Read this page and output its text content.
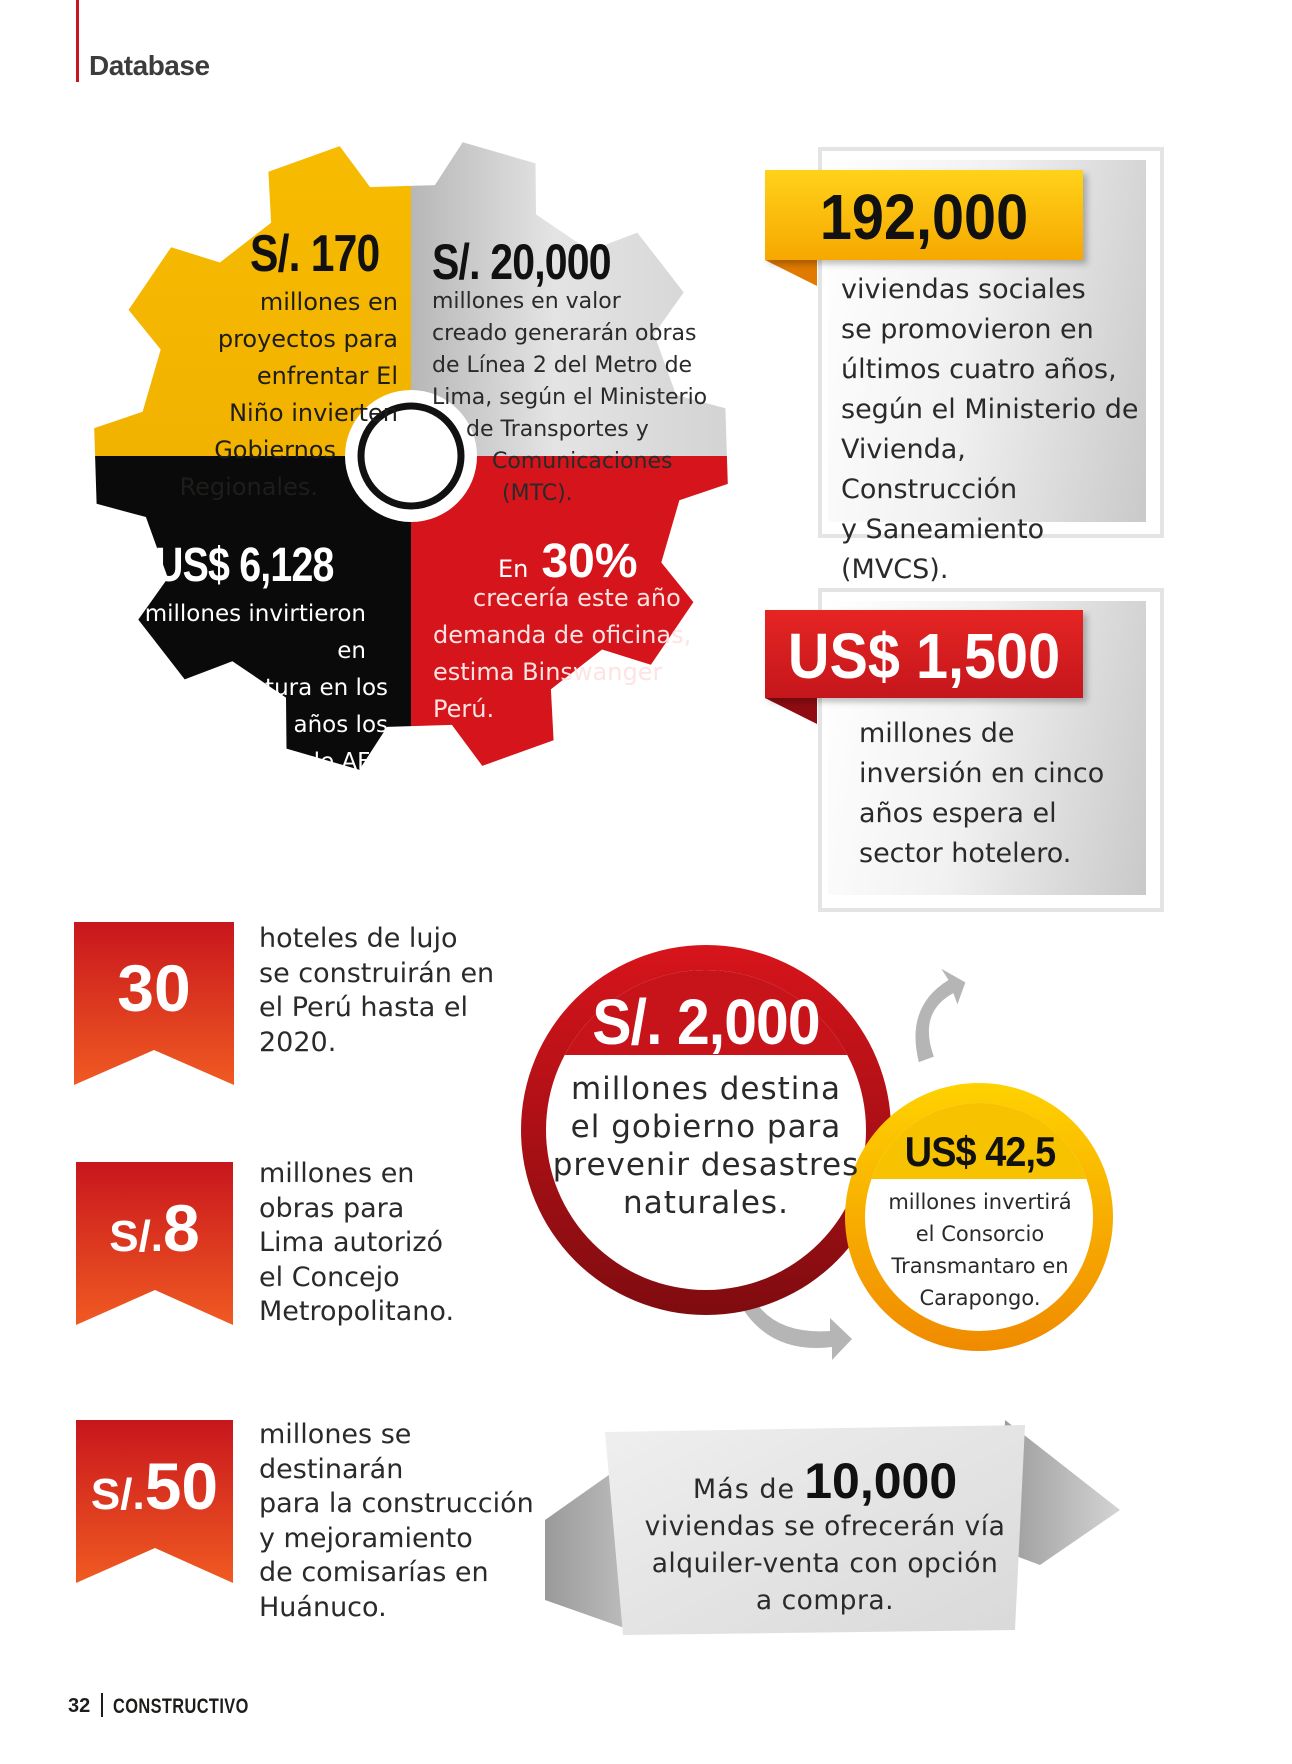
Database
S/. 170
millones en
proyectos para
enfrentar El
Niño invierten
Gobiernos
Regionales.
S/. 20,000
millones en valor
creado generarán obras
de Línea 2 del Metro de
Lima, según el Ministerio
de Transportes y
Comunicaciones
(MTC).
US$ 6,128
millones invirtieron en
infraestructura en los
últimos diez años los
Fondos de AFP.
En 30%
crecería este año
demanda de oficinas,
estima Binswanger
Perú.
192,000
viviendas sociales
se promovieron en
últimos cuatro años,
según el Ministerio de
Vivienda, Construcción
y Saneamiento (MVCS).
US$ 1,500
millones de
inversión en cinco
años espera el
sector hotelero.
30
hoteles de lujo
se construirán en
el Perú hasta el
2020.
S/.8
millones en
obras para
Lima autorizó
el Concejo
Metropolitano.
S/.50
millones se destinarán
para la construcción
y mejoramiento
de comisarías en
Huánuco.
S/. 2,000
millones destina
el gobierno para
prevenir desastres
naturales.
US$ 42,5
millones invertirá
el Consorcio
Transmantaro en
Carapongo.
Más de 10,000
viviendas se ofrecerán vía
alquiler-venta con opción
a compra.
32 CONSTRUCTIVO
